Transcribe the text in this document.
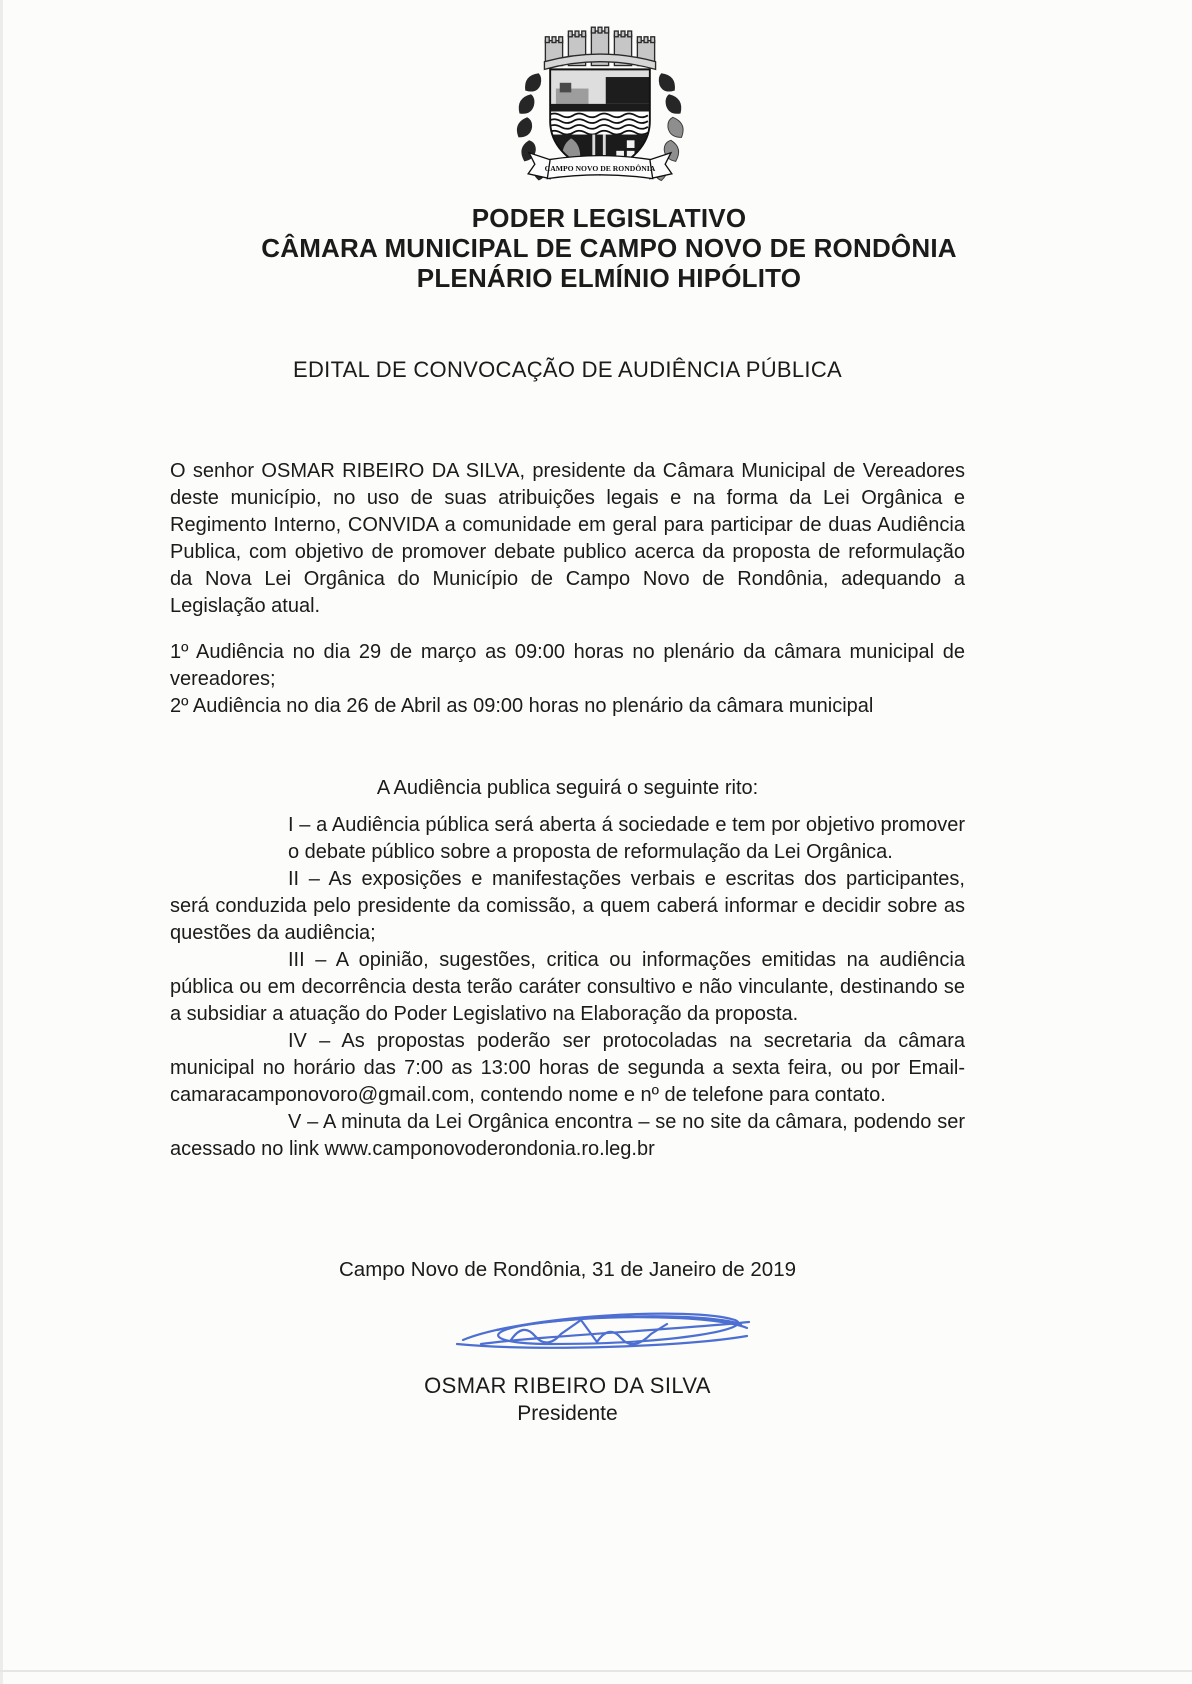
CAMPO NOVO DE RONDÔNIA
PODER LEGISLATIVO
CÂMARA MUNICIPAL DE CAMPO NOVO DE RONDÔNIA
PLENÁRIO ELMÍNIO HIPÓLITO
EDITAL DE CONVOCAÇÃO DE AUDIÊNCIA PÚBLICA

O senhor OSMAR RIBEIRO DA SILVA, presidente da Câmara Municipal de Vereadores deste município, no uso de suas atribuições legais e na forma da Lei Orgânica e Regimento Interno, CONVIDA a comunidade em geral para participar de duas Audiência Publica, com objetivo de promover debate publico acerca da proposta de reformulação da Nova Lei Orgânica do Município de Campo Novo de Rondônia, adequando a Legislação atual.

1º Audiência no dia 29 de março as 09:00 horas no plenário da câmara municipal de vereadores;

2º Audiência no dia 26 de Abril as 09:00 horas no plenário da câmara municipal

A Audiência publica seguirá o seguinte rito:

I – a Audiência pública será aberta á sociedade e tem por objetivo promover o debate público sobre a proposta de reformulação da Lei Orgânica.

II – As exposições e manifestações verbais e escritas dos participantes, será conduzida pelo presidente da comissão, a quem caberá informar e decidir sobre as questões da audiência;

III – A opinião, sugestões, critica ou informações emitidas na audiência pública ou em decorrência desta terão caráter consultivo e não vinculante, destinando se a subsidiar a atuação do Poder Legislativo na Elaboração da proposta.

IV – As propostas poderão ser protocoladas na secretaria da câmara municipal no horário das 7:00 as 13:00 horas de segunda a sexta feira, ou por Email- camaracamponovoro@gmail.com, contendo nome e nº de telefone para contato.

V – A minuta da Lei Orgânica encontra – se no site da câmara, podendo ser acessado no link www.camponovoderondonia.ro.leg.br

Campo Novo de Rondônia, 31 de Janeiro de 2019
OSMAR RIBEIRO DA SILVA
Presidente
